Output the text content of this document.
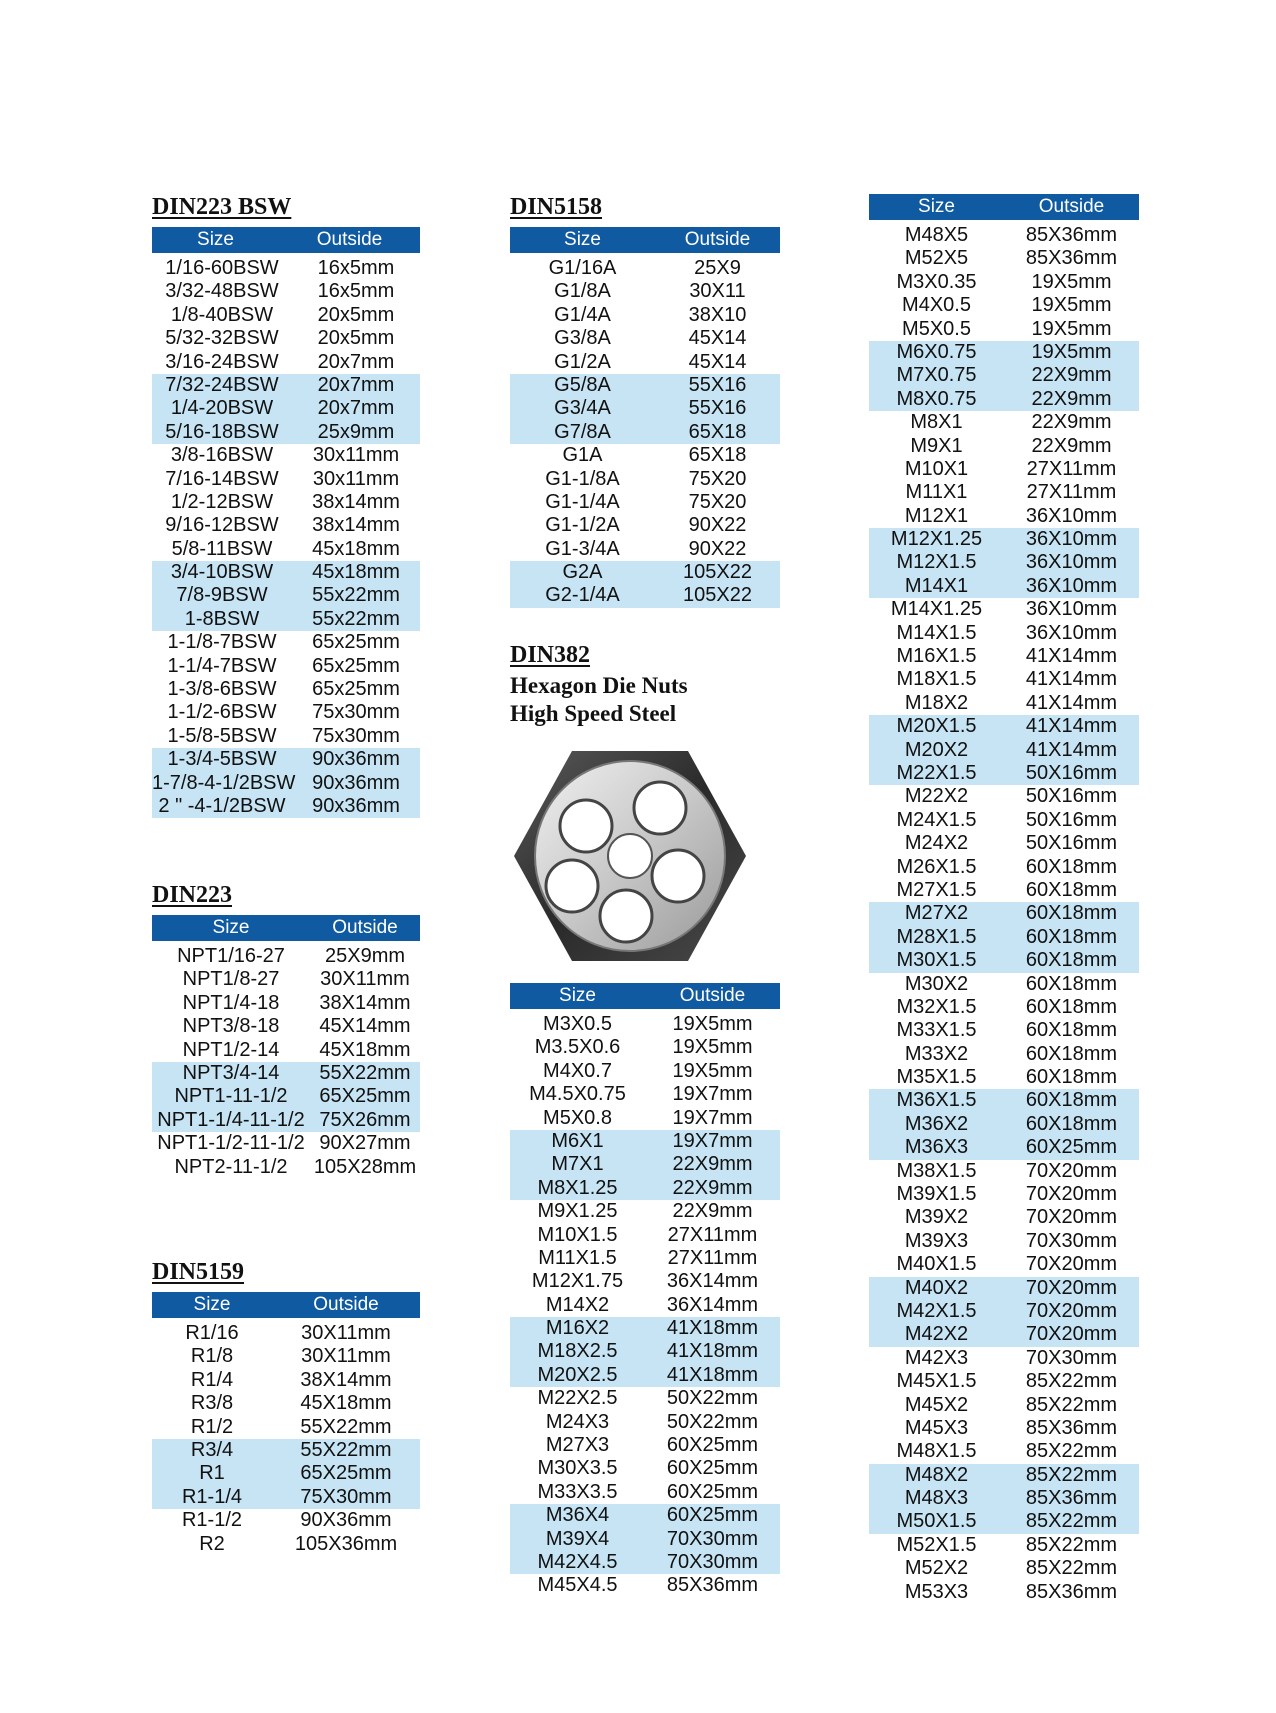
DIN223 BSW
Size	Outside
1/16-60BSW	16x5mm
3/32-48BSW	16x5mm
1/8-40BSW	20x5mm
5/32-32BSW	20x5mm
3/16-24BSW	20x7mm
7/32-24BSW	20x7mm
1/4-20BSW	20x7mm
5/16-18BSW	25x9mm
3/8-16BSW	30x11mm
7/16-14BSW	30x11mm
1/2-12BSW	38x14mm
9/16-12BSW	38x14mm
5/8-11BSW	45x18mm
3/4-10BSW	45x18mm
7/8-9BSW	55x22mm
1-8BSW	55x22mm
1-1/8-7BSW	65x25mm
1-1/4-7BSW	65x25mm
1-3/8-6BSW	65x25mm
1-1/2-6BSW	75x30mm
1-5/8-5BSW	75x30mm
1-3/4-5BSW	90x36mm
1-7/8-4-1/2BSW 90x36mm
2 " -4-1/2BSW	90x36mm
DIN223
Size	Outside
NPT1/16-27	25X9mm
NPT1/8-27	30X11mm
NPT1/4-18	38X14mm
NPT3/8-18	45X14mm
NPT1/2-14	45X18mm
NPT3/4-14	55X22mm
NPT1-11-1/2	65X25mm
NPT1-1/4-11-1/2 75X26mm
NPT1-1/2-11-1/2 90X27mm
NPT2-11-1/2	105X28mm
DIN5159
Size	Outside
R1/16	30X11mm
R1/8	30X11mm
R1/4	38X14mm
R3/8	45X18mm
R1/2	55X22mm
R3/4	55X22mm
R1	65X25mm
R1-1/4	75X30mm
R1-1/2	90X36mm
R2	105X36mm
DIN5158
Size	Outside
G1/16A	25X9
G1/8A	30X11
G1/4A	38X10
G3/8A	45X14
G1/2A	45X14
G5/8A	55X16
G3/4A	55X16
G7/8A	65X18
G1A	65X18
G1-1/8A	75X20
G1-1/4A	75X20
G1-1/2A	90X22
G1-3/4A	90X22
G2A	105X22
G2-1/4A	105X22
DIN382
Hexagon Die Nuts
High Speed Steel
Size	Outside
M3X0.5	19X5mm
M3.5X0.6	19X5mm
M4X0.7	19X5mm
M4.5X0.75	19X7mm
M5X0.8	19X7mm
M6X1	19X7mm
M7X1	22X9mm
M8X1.25	22X9mm
M9X1.25	22X9mm
M10X1.5	27X11mm
M11X1.5	27X11mm
M12X1.75	36X14mm
M14X2	36X14mm
M16X2	41X18mm
M18X2.5	41X18mm
M20X2.5	41X18mm
M22X2.5	50X22mm
M24X3	50X22mm
M27X3	60X25mm
M30X3.5	60X25mm
M33X3.5	60X25mm
M36X4	60X25mm
M39X4	70X30mm
M42X4.5	70X30mm
M45X4.5	85X36mm
Size	Outside
M48X5	85X36mm
M52X5	85X36mm
M3X0.35	19X5mm
M4X0.5	19X5mm
M5X0.5	19X5mm
M6X0.75	19X5mm
M7X0.75	22X9mm
M8X0.75	22X9mm
M8X1	22X9mm
M9X1	22X9mm
M10X1	27X11mm
M11X1	27X11mm
M12X1	36X10mm
M12X1.25	36X10mm
M12X1.5	36X10mm
M14X1	36X10mm
M14X1.25	36X10mm
M14X1.5	36X10mm
M16X1.5	41X14mm
M18X1.5	41X14mm
M18X2	41X14mm
M20X1.5	41X14mm
M20X2	41X14mm
M22X1.5	50X16mm
M22X2	50X16mm
M24X1.5	50X16mm
M24X2	50X16mm
M26X1.5	60X18mm
M27X1.5	60X18mm
M27X2	60X18mm
M28X1.5	60X18mm
M30X1.5	60X18mm
M30X2	60X18mm
M32X1.5	60X18mm
M33X1.5	60X18mm
M33X2	60X18mm
M35X1.5	60X18mm
M36X1.5	60X18mm
M36X2	60X18mm
M36X3	60X25mm
M38X1.5	70X20mm
M39X1.5	70X20mm
M39X2	70X20mm
M39X3	70X30mm
M40X1.5	70X20mm
M40X2	70X20mm
M42X1.5	70X20mm
M42X2	70X20mm
M42X3	70X30mm
M45X1.5	85X22mm
M45X2	85X22mm
M45X3	85X36mm
M48X1.5	85X22mm
M48X2	85X22mm
M48X3	85X36mm
M50X1.5	85X22mm
M52X1.5	85X22mm
M52X2	85X22mm
M53X3	85X36mm
